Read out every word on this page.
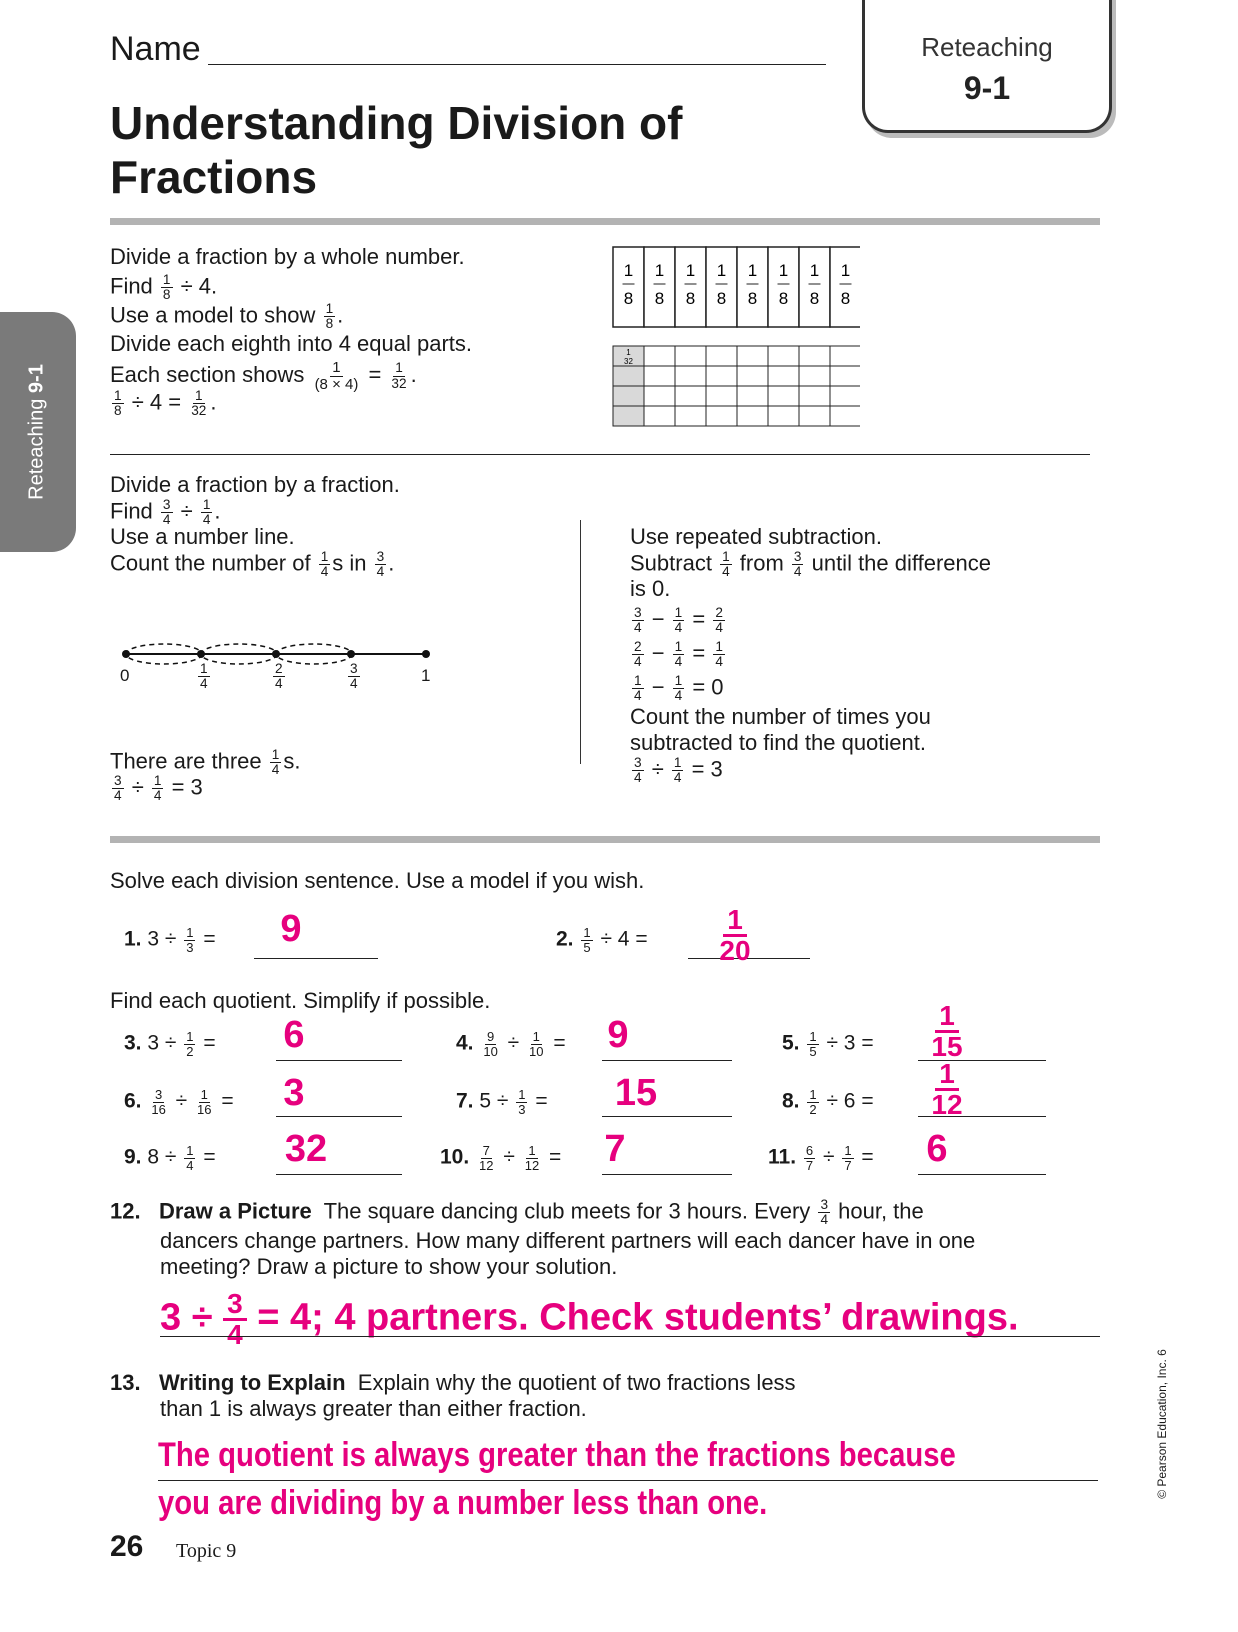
Reteaching 9-1
Reteaching
9-1
Name
Understanding Division of
Fractions
Divide a fraction by a whole number.
Find $\frac{1}{8} \div 4$.
Use a model to show $\frac{1}{8}$ .
Divide each eighth into 4 equal parts.
Each section shows $\frac{1}{(8 \times 4)} = \frac{1}{32}$ .
$\frac{1}{8} \div 4 = \frac{1}{32}$ .
1
8
1
8
1
8
1
8
1
8
1
8
1
8
1
8
1
32
Divide a fraction by a fraction.
Find $\frac{3}{4} \div \frac{1}{4}$ .
Use a number line.
Count the number of $\frac{1}{4}$ s in $\frac{3}{4}$ .
0	$\frac{1}{4}$	$\frac{2}{4}$	$\frac{3}{4}$	1
There are three $\frac{1}{4} s$.
$\frac{3}{4} \div \frac{1}{4} = 3$
Use repeated subtraction.
Subtract $\frac{1}{4}$ from $\frac{3}{4}$ until the difference
is 0.
$\frac{3}{4} - \frac{1}{4} = \frac{2}{4}$
$\frac{2}{4} - \frac{1}{4} = \frac{1}{4}$
$\frac{1}{4} - \frac{1}{4} = 0$
Count the number of times you
subtracted to find the quotient.
$\frac{3}{4} \div \frac{1}{4} = 3$
Solve each division sentence. Use a model if you wish.
1. $3 \div \frac{1}{3}$ =	9	2. $\frac{1}{5} \div 4$ =	$\frac{1}{20}$
Find each quotient. Simplify if possible.
3. $3 \div \frac{1}{2} = 6$	4. $\frac{9}{10} \div \frac{1}{10} = 9$	5. $\frac{1}{5} \div 3 = \frac{1}{15}$
6. $\frac{3}{16} \div \frac{1}{16} = 3$	7. $5 \div \frac{1}{3} = 15$	8. $\frac{1}{2} \div 6 = \frac{1}{12}$
9. $8 \div \frac{1}{4} = 32$	10. $\frac{7}{12} \div \frac{1}{12} = 7$	11. $\frac{6}{7} \div \frac{1}{7} = 6$
12. Draw a Picture The square dancing club meets for 3 hours. Every $\frac{3}{4}$ hour, the
dancers change partners. How many different partners will each dancer have in one
meeting? Draw a picture to show your solution.
$3 \div \frac{3}{4} = 4$; 4 partners. Check students’ drawings.
13. Writing to Explain Explain why the quotient of two fractions less
than 1 is always greater than either fraction.
The quotient is always greater than the fractions because
you are dividing by a number less than one.
26 Topic 9
© Pearson Education, Inc. 6
